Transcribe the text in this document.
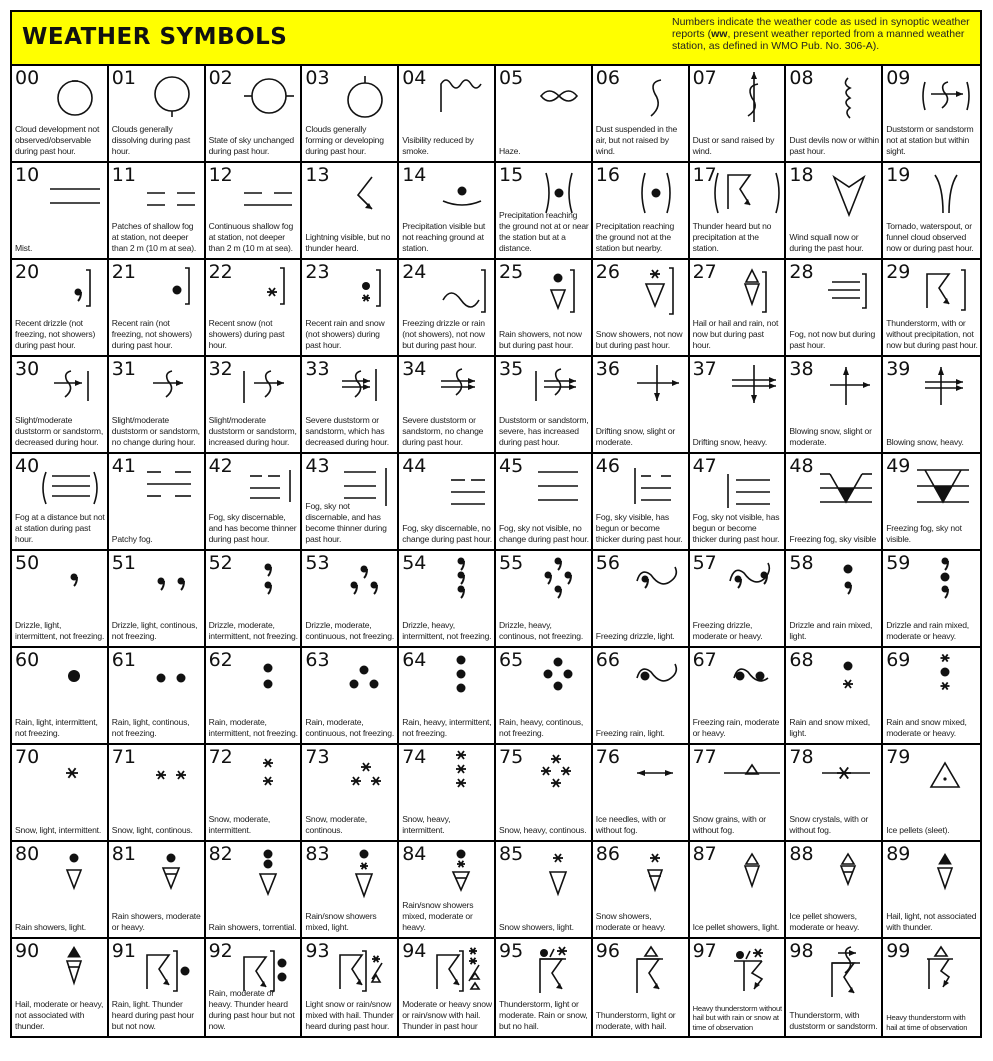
WEATHER SYMBOLS
Numbers indicate the weather code as used in synoptic weather reports (ww, present weather reported from a manned weather station, as defined in WMO Pub. No. 306-A).
00
Cloud development not observed/observable during past hour.
01
Clouds generally dissolving during past hour.
02
State of sky unchanged during past hour.
03
Clouds generally forming or developing during past hour.
04
Visibility reduced by smoke.
05
Haze.
06
Dust suspended in the air, but not raised by wind.
07
Dust or sand raised by wind.
08
Dust devils now or within past hour.
09
Duststorm or sandstorm not at station but within sight.
10
Mist.
11
Patches of shallow fog at station, not deeper than 2 m (10 m at sea).
12
Continuous shallow fog at station, not deeper than 2 m (10 m at sea).
13
Lightning visible, but no thunder heard.
14
Precipitation visible but not reaching ground at station.
15
Precipitation reaching the ground not at or near the station but at a distance.
16
Precipitation reaching the ground not at the station but nearby.
17
Thunder heard but no precipitation at the station.
18
Wind squall now or during the past hour.
19
Tornado, waterspout, or funnel cloud observed now or during past hour.
20
Recent drizzle (not freezing, not showers) during past hour.
21
Recent rain (not freezing, not showers) during past hour.
22
Recent snow (not showers) during past hour.
23
Recent rain and snow (not showers) during past hour.
24
Freezing drizzle or rain (not showers), not now but during past hour.
25
Rain showers, not now but during past hour.
26
Snow showers, not now but during past hour.
27
Hail or hail and rain, not now but during past hour.
28
Fog, not now but during past hour.
29
Thunderstorm, with or without precipitation, not now but during past hour.
30
Slight/moderate duststorm or sandstorm, decreased during hour.
31
Slight/moderate duststorm or sandstorm, no change during hour.
32
Slight/moderate duststorm or sandstorm, increased during hour.
33
Severe duststorm or sandstorm, which has decreased during hour.
34
Severe duststorm or sandstorm, no change during past hour.
35
Duststorm or sandstorm, severe, has increased during past hour.
36
Drifting snow, slight or moderate.
37
Drifting snow, heavy.
38
Blowing snow, slight or moderate.
39
Blowing snow, heavy.
40
Fog at a distance but not at station during past hour.
41
Patchy fog.
42
Fog, sky discernable, and has become thinner during past hour.
43
Fog, sky not discernable, and has become thinner during past hour.
44
Fog, sky discernable, no change during past hour.
45
Fog, sky not visible, no change during past hour.
46
Fog, sky visible, has begun or become thicker during past hour.
47
Fog, sky not visible, has begun or become thicker during past hour.
48
Freezing fog, sky visible
49
Freezing fog, sky not visible.
50
Drizzle, light, intermittent, not freezing.
51
Drizzle, light, continous, not freezing.
52
Drizzle, moderate, intermittent, not freezing.
53
Drizzle, moderate, continuous, not freezing.
54
Drizzle, heavy, intermittent, not freezing.
55
Drizzle, heavy, continous, not freezing.
56
Freezing drizzle, light.
57
Freezing drizzle, moderate or heavy.
58
Drizzle and rain mixed, light.
59
Drizzle and rain mixed, moderate or heavy.
60
Rain, light, intermittent, not freezing.
61
Rain, light, continous, not freezing.
62
Rain, moderate, intermittent, not freezing.
63
Rain, moderate, continuous, not freezing.
64
Rain, heavy, intermittent, not freezing.
65
Rain, heavy, continous, not freezing.
66
Freezing rain, light.
67
Freezing rain, moderate or heavy.
68
Rain and snow mixed, light.
69
Rain and snow mixed, moderate or heavy.
70
Snow, light, intermittent.
71
Snow, light, continous.
72
Snow, moderate, intermittent.
73
Snow, moderate, continous.
74
Snow, heavy, intermittent.
75
Snow, heavy, continous.
76
Ice needles, with or without fog.
77
Snow grains, with or without fog.
78
Snow crystals, with or without fog.
79
Ice pellets (sleet).
80
Rain showers, light.
81
Rain showers, moderate or heavy.
82
Rain showers, torrential.
83
Rain/snow showers mixed, light.
84
Rain/snow showers mixed, moderate or heavy.
85
Snow showers, light.
86
Snow showers, moderate or heavy.
87
Ice pellet showers, light.
88
Ice pellet showers, moderate or heavy.
89
Hail, light, not associated with thunder.
90
Hail, moderate or heavy, not associated with thunder.
91
Rain, light. Thunder heard during past hour but not now.
92
Rain, moderate or heavy. Thunder heard during past hour but not now.
93
Light snow or rain/snow mixed with hail. Thunder heard during past hour.
94
Moderate or heavy snow or rain/snow with hail. Thunder in past hour
95
Thunderstorm, light or moderate. Rain or snow, but no hail.
96
Thunderstorm, light or moderate, with hail.
97
Heavy thunderstorm without hail but with rain or snow at time of observation
98
Thunderstorm, with duststorm or sandstorm.
99
Heavy thunderstorm with hail at time of observation
